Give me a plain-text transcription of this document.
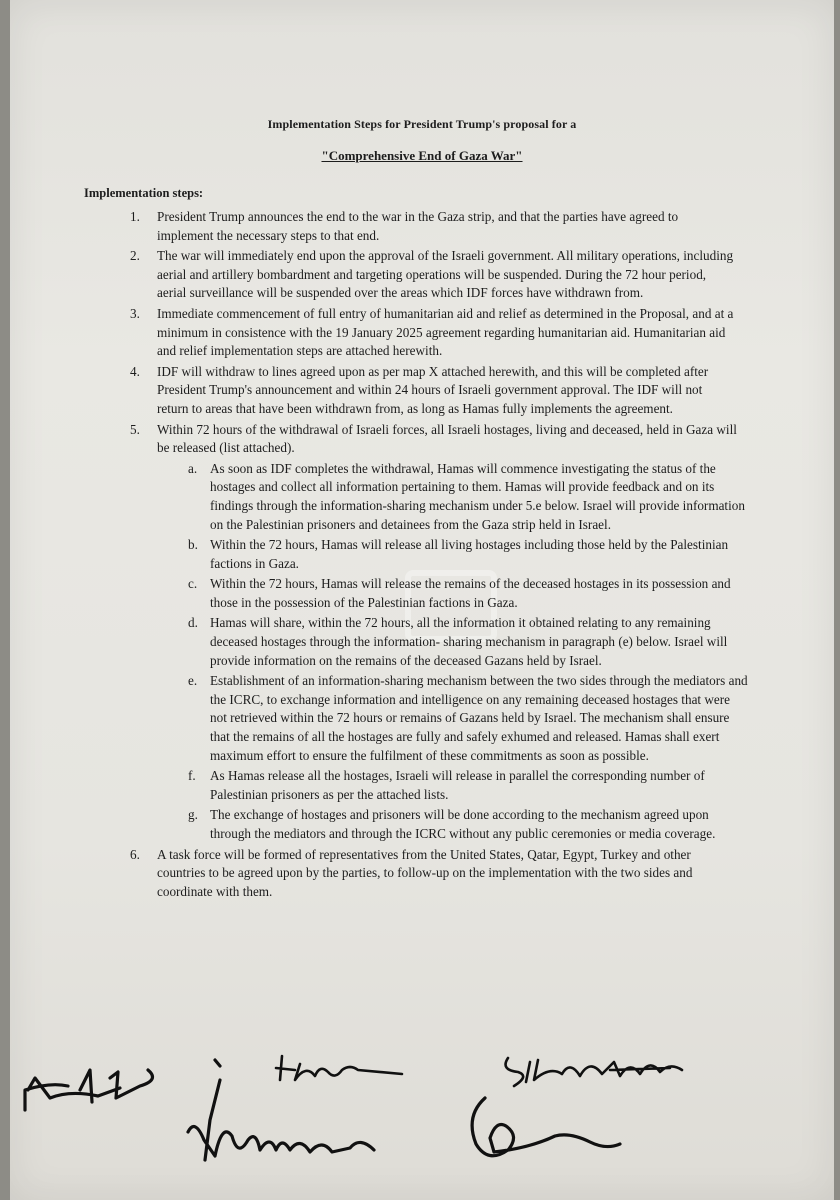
Implementation Steps for President Trump's proposal for a
"Comprehensive End of Gaza War"
Implementation steps:
1. President Trump announces the end to the war in the Gaza strip, and that the parties have agreed to implement the necessary steps to that end.
2. The war will immediately end upon the approval of the Israeli government. All military operations, including aerial and artillery bombardment and targeting operations will be suspended. During the 72 hour period, aerial surveillance will be suspended over the areas which IDF forces have withdrawn from.
3. Immediate commencement of full entry of humanitarian aid and relief as determined in the Proposal, and at a minimum in consistence with the 19 January 2025 agreement regarding humanitarian aid. Humanitarian aid and relief implementation steps are attached herewith.
4. IDF will withdraw to lines agreed upon as per map X attached herewith, and this will be completed after President Trump's announcement and within 24 hours of Israeli government approval. The IDF will not return to areas that have been withdrawn from, as long as Hamas fully implements the agreement.
5. Within 72 hours of the withdrawal of Israeli forces, all Israeli hostages, living and deceased, held in Gaza will be released (list attached).
a. As soon as IDF completes the withdrawal, Hamas will commence investigating the status of the hostages and collect all information pertaining to them. Hamas will provide feedback and on its findings through the information-sharing mechanism under 5.e below. Israel will provide information on the Palestinian prisoners and detainees from the Gaza strip held in Israel.
b. Within the 72 hours, Hamas will release all living hostages including those held by the Palestinian factions in Gaza.
c. Within the 72 hours, Hamas will release the remains of the deceased hostages in its possession and those in the possession of the Palestinian factions in Gaza.
d. Hamas will share, within the 72 hours, all the information it obtained relating to any remaining deceased hostages through the information- sharing mechanism in paragraph (e) below. Israel will provide information on the remains of the deceased Gazans held by Israel.
e. Establishment of an information-sharing mechanism between the two sides through the mediators and the ICRC, to exchange information and intelligence on any remaining deceased hostages that were not retrieved within the 72 hours or remains of Gazans held by Israel. The mechanism shall ensure that the remains of all the hostages are fully and safely exhumed and released. Hamas shall exert maximum effort to ensure the fulfilment of these commitments as soon as possible.
f. As Hamas release all the hostages, Israeli will release in parallel the corresponding number of Palestinian prisoners as per the attached lists.
g. The exchange of hostages and prisoners will be done according to the mechanism agreed upon through the mediators and through the ICRC without any public ceremonies or media coverage.
6. A task force will be formed of representatives from the United States, Qatar, Egypt, Turkey and other countries to be agreed upon by the parties, to follow-up on the implementation with the two sides and coordinate with them.
